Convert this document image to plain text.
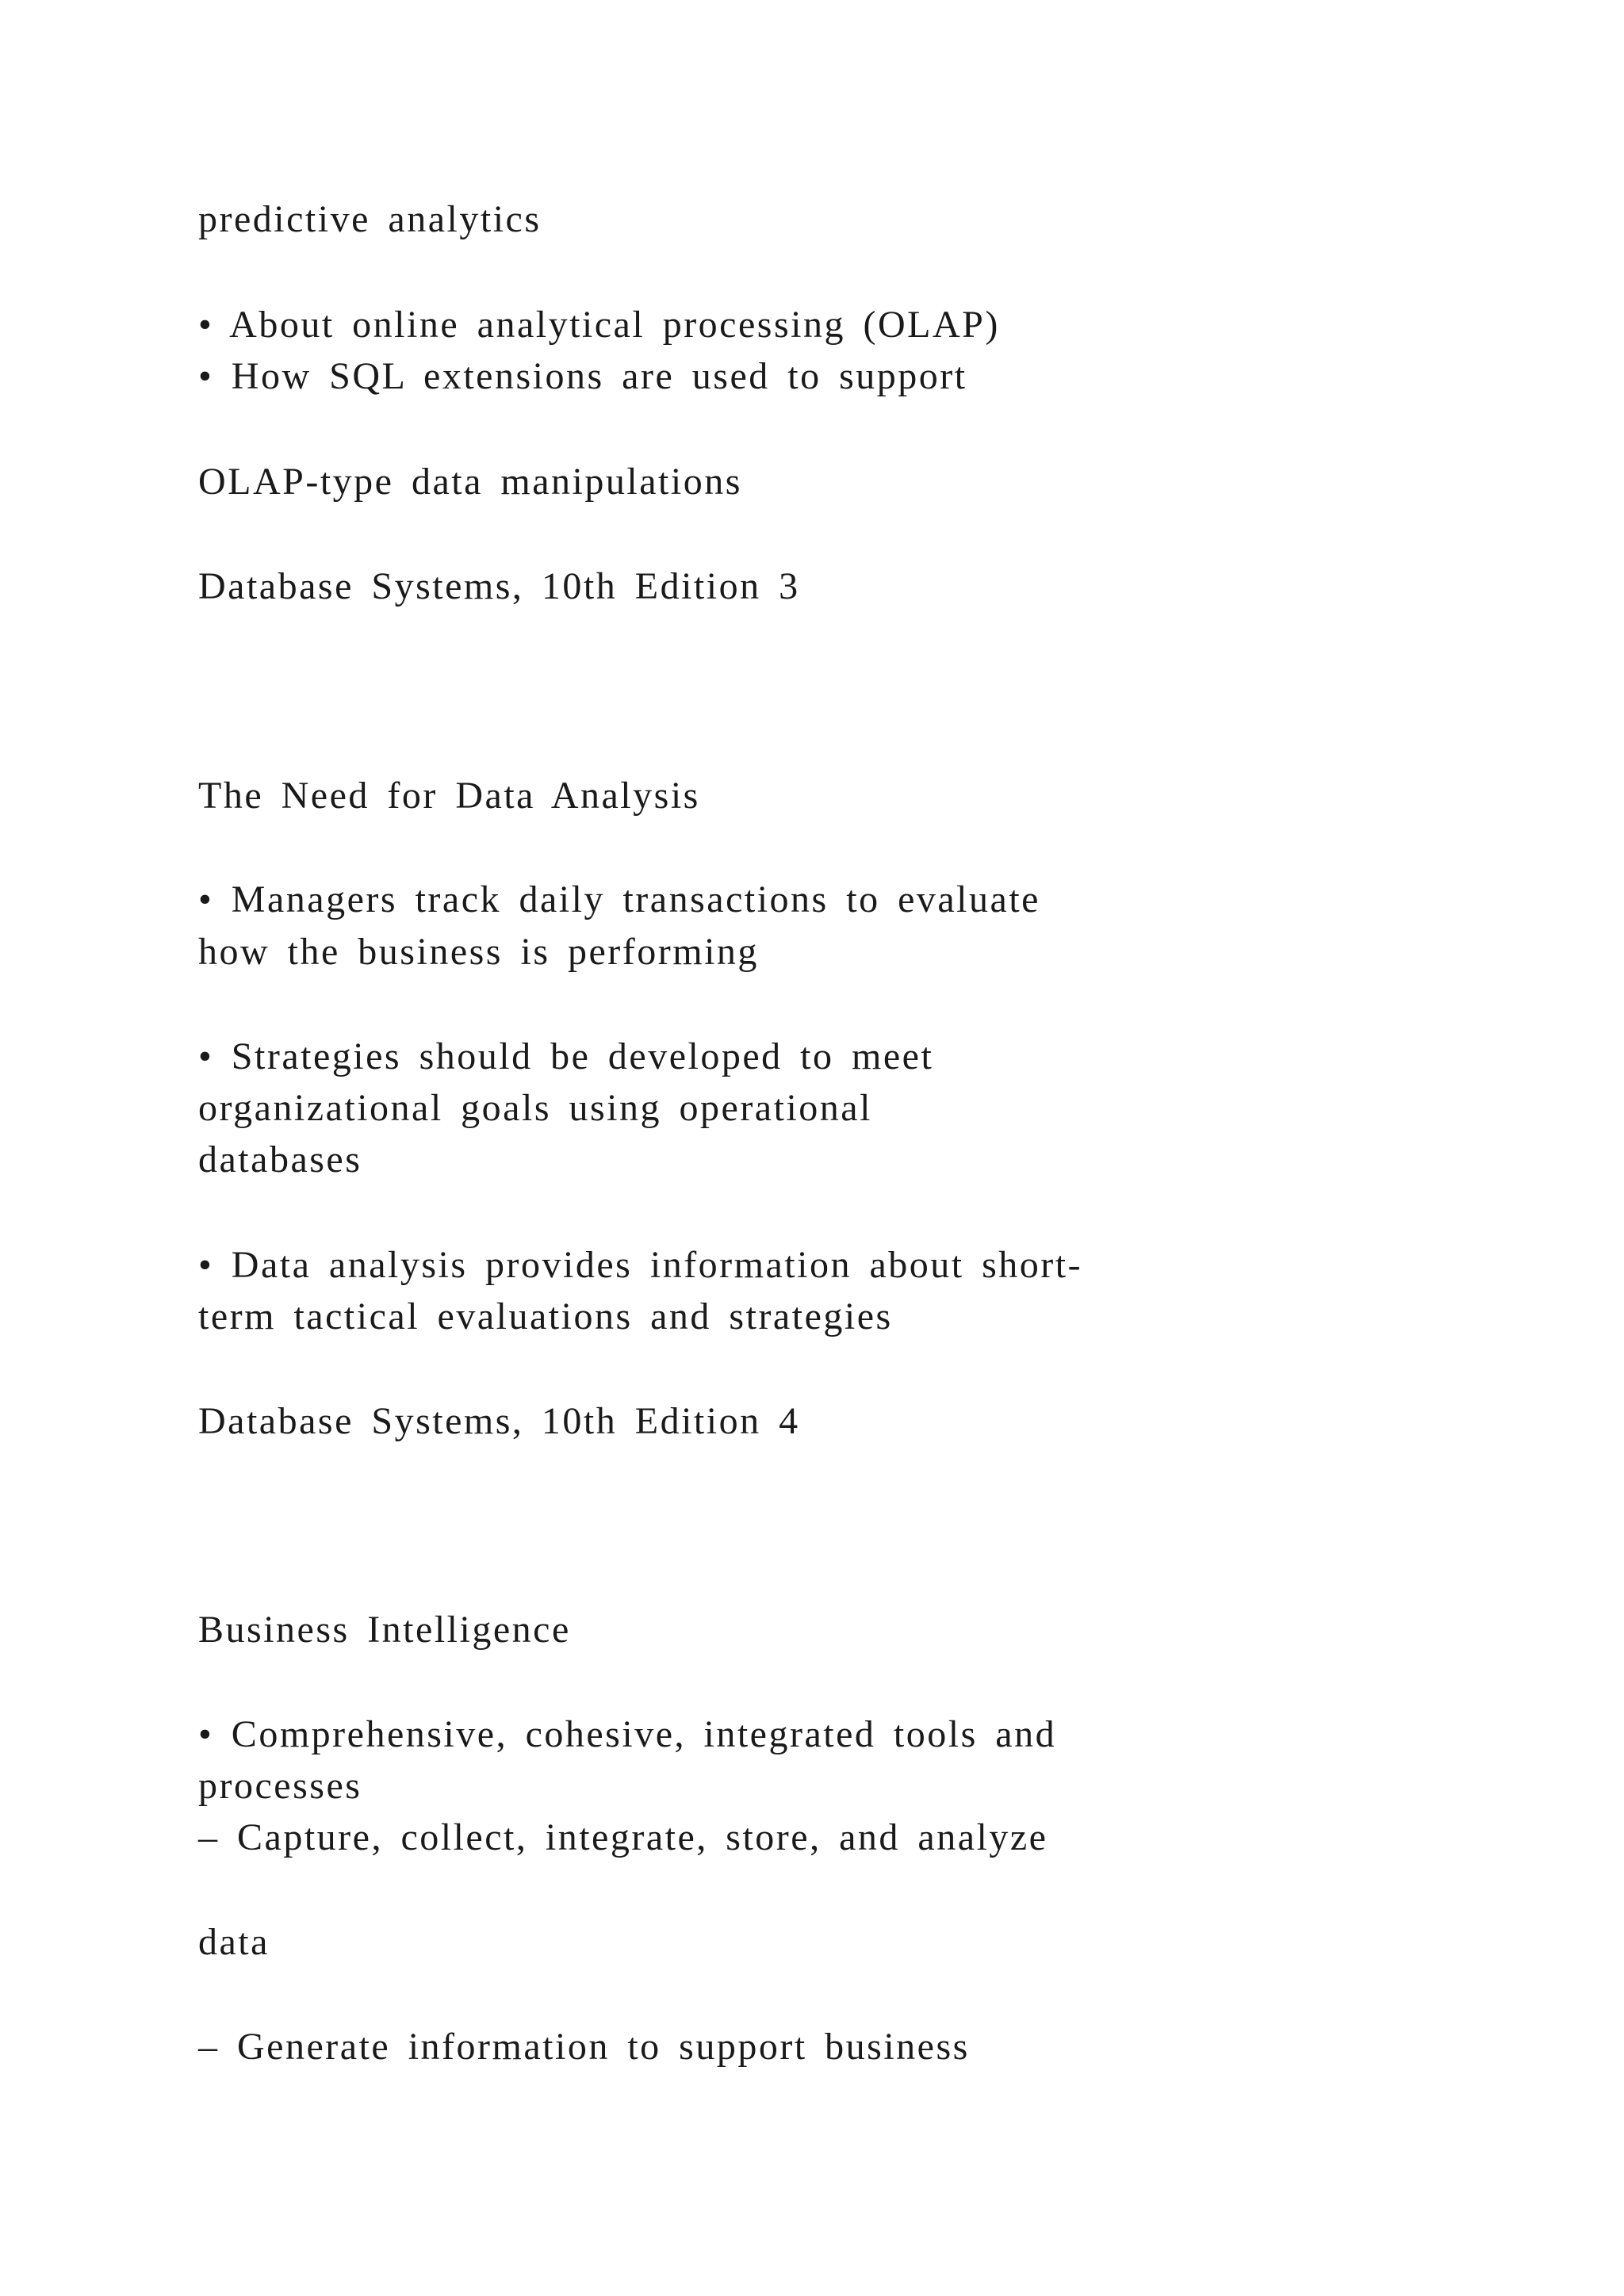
predictive analytics
• About online analytical processing (OLAP)
• How SQL extensions are used to support
OLAP-type data manipulations
Database Systems, 10th Edition 3
The Need for Data Analysis
• Managers track daily transactions to evaluate
how the business is performing
• Strategies should be developed to meet
organizational goals using operational
databases
• Data analysis provides information about short-
term tactical evaluations and strategies
Database Systems, 10th Edition 4
Business Intelligence
• Comprehensive, cohesive, integrated tools and
processes
– Capture, collect, integrate, store, and analyze
data
– Generate information to support business
